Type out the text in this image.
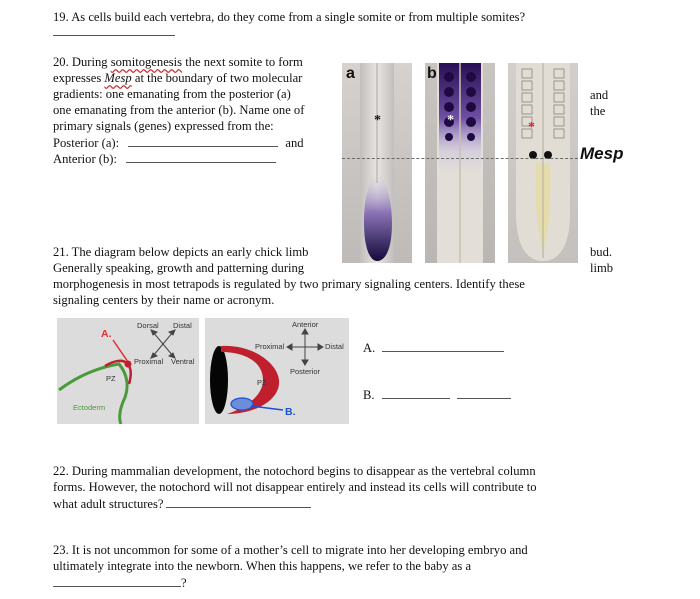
19. As cells build each vertebra, do they come from a single somite or from multiple somites?
20. During somitogenesis the next somite to form
expresses Mesp at the boundary of two molecular
gradients: one emanating from the posterior (a)
one emanating from the anterior (b). Name one of
primary signals (genes) expressed from the:
Posterior (a):	and
Anterior (b):
and
the
a
*
b
*	*
Mesp
21. The diagram below depicts an early chick limb
Generally speaking, growth and patterning during
morphogenesis in most tetrapods is regulated by two primary signaling centers. Identify these
signaling centers by their name or acronym.
bud.
limb
Dorsal Distal
Proximal Ventral
PZ
Ectoderm
A.
Anterior
Proximal	Distal
Posterior
PZ
B.
A.
B.
22. During mammalian development, the notochord begins to disappear as the vertebral column
forms. However, the notochord will not disappear entirely and instead its cells will contribute to
what adult structures?
23. It is not uncommon for some of a mother’s cell to migrate into her developing embryo and
ultimately integrate into the newborn. When this happens, we refer to the baby as a
?
